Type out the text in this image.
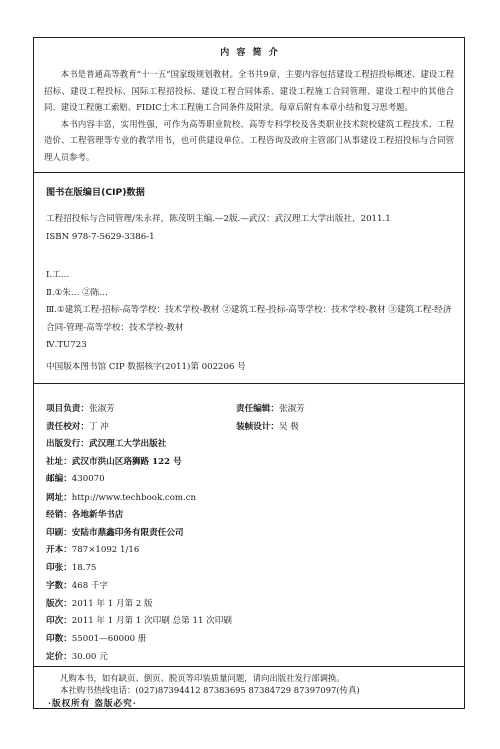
内 容 简 介

本书是普通高等教育“十一五”国家级规划教材。全书共9章，主要内容包括建设工程招投标概述、建设工程招标、建设工程投标、国际工程招投标、建设工程合同体系、建设工程施工合同管理、建设工程中的其他合同、建设工程施工索赔、FIDIC土木工程施工合同条件及附录。每章后附有本章小结和复习思考题。

本书内容丰富，实用性强，可作为高等职业院校、高等专科学校及各类职业技术院校建筑工程技术、工程造价、工程管理等专业的教学用书，也可供建设单位、工程咨询及政府主管部门从事建设工程招投标与合同管理人员参考。

图书在版编目(CIP)数据
工程招投标与合同管理/朱永祥，陈茂明主编.—2版.—武汉：武汉理工大学出版社，2011.1
ISBN 978-7-5629-3386-1
Ⅰ.工…
Ⅱ.①朱… ②陈…
Ⅲ.①建筑工程-招标-高等学校：技术学校-教材 ②建筑工程-投标-高等学校：技术学校-教材 ③建筑工程-经济合同-管理-高等学校：技术学校-教材
Ⅳ.TU723
中国版本图书馆 CIP 数据核字(2011)第 002206 号
项目负责：张淑芳	责任编辑：张淑芳
责任校对：丁 冲	装帧设计：吴 极
出版发行：武汉理工大学出版社
社址：武汉市洪山区珞狮路 122 号
邮编：430070
网址：http://www.techbook.com.cn
经销：各地新华书店
印刷：安陆市鼎鑫印务有限责任公司
开本：787×1092 1/16
印张：18.75
字数：468 千字
版次：2011 年 1 月第 2 版
印次：2011 年 1 月第 1 次印刷 总第 11 次印刷
印数：55001—60000 册
定价：30.00 元
凡购本书，如有缺页、倒页、脱页等印装质量问题，请向出版社发行部调换。
本社购书热线电话：(027)87394412 87383695 87384729 87397097(传真)
·版权所有 盗版必究·
